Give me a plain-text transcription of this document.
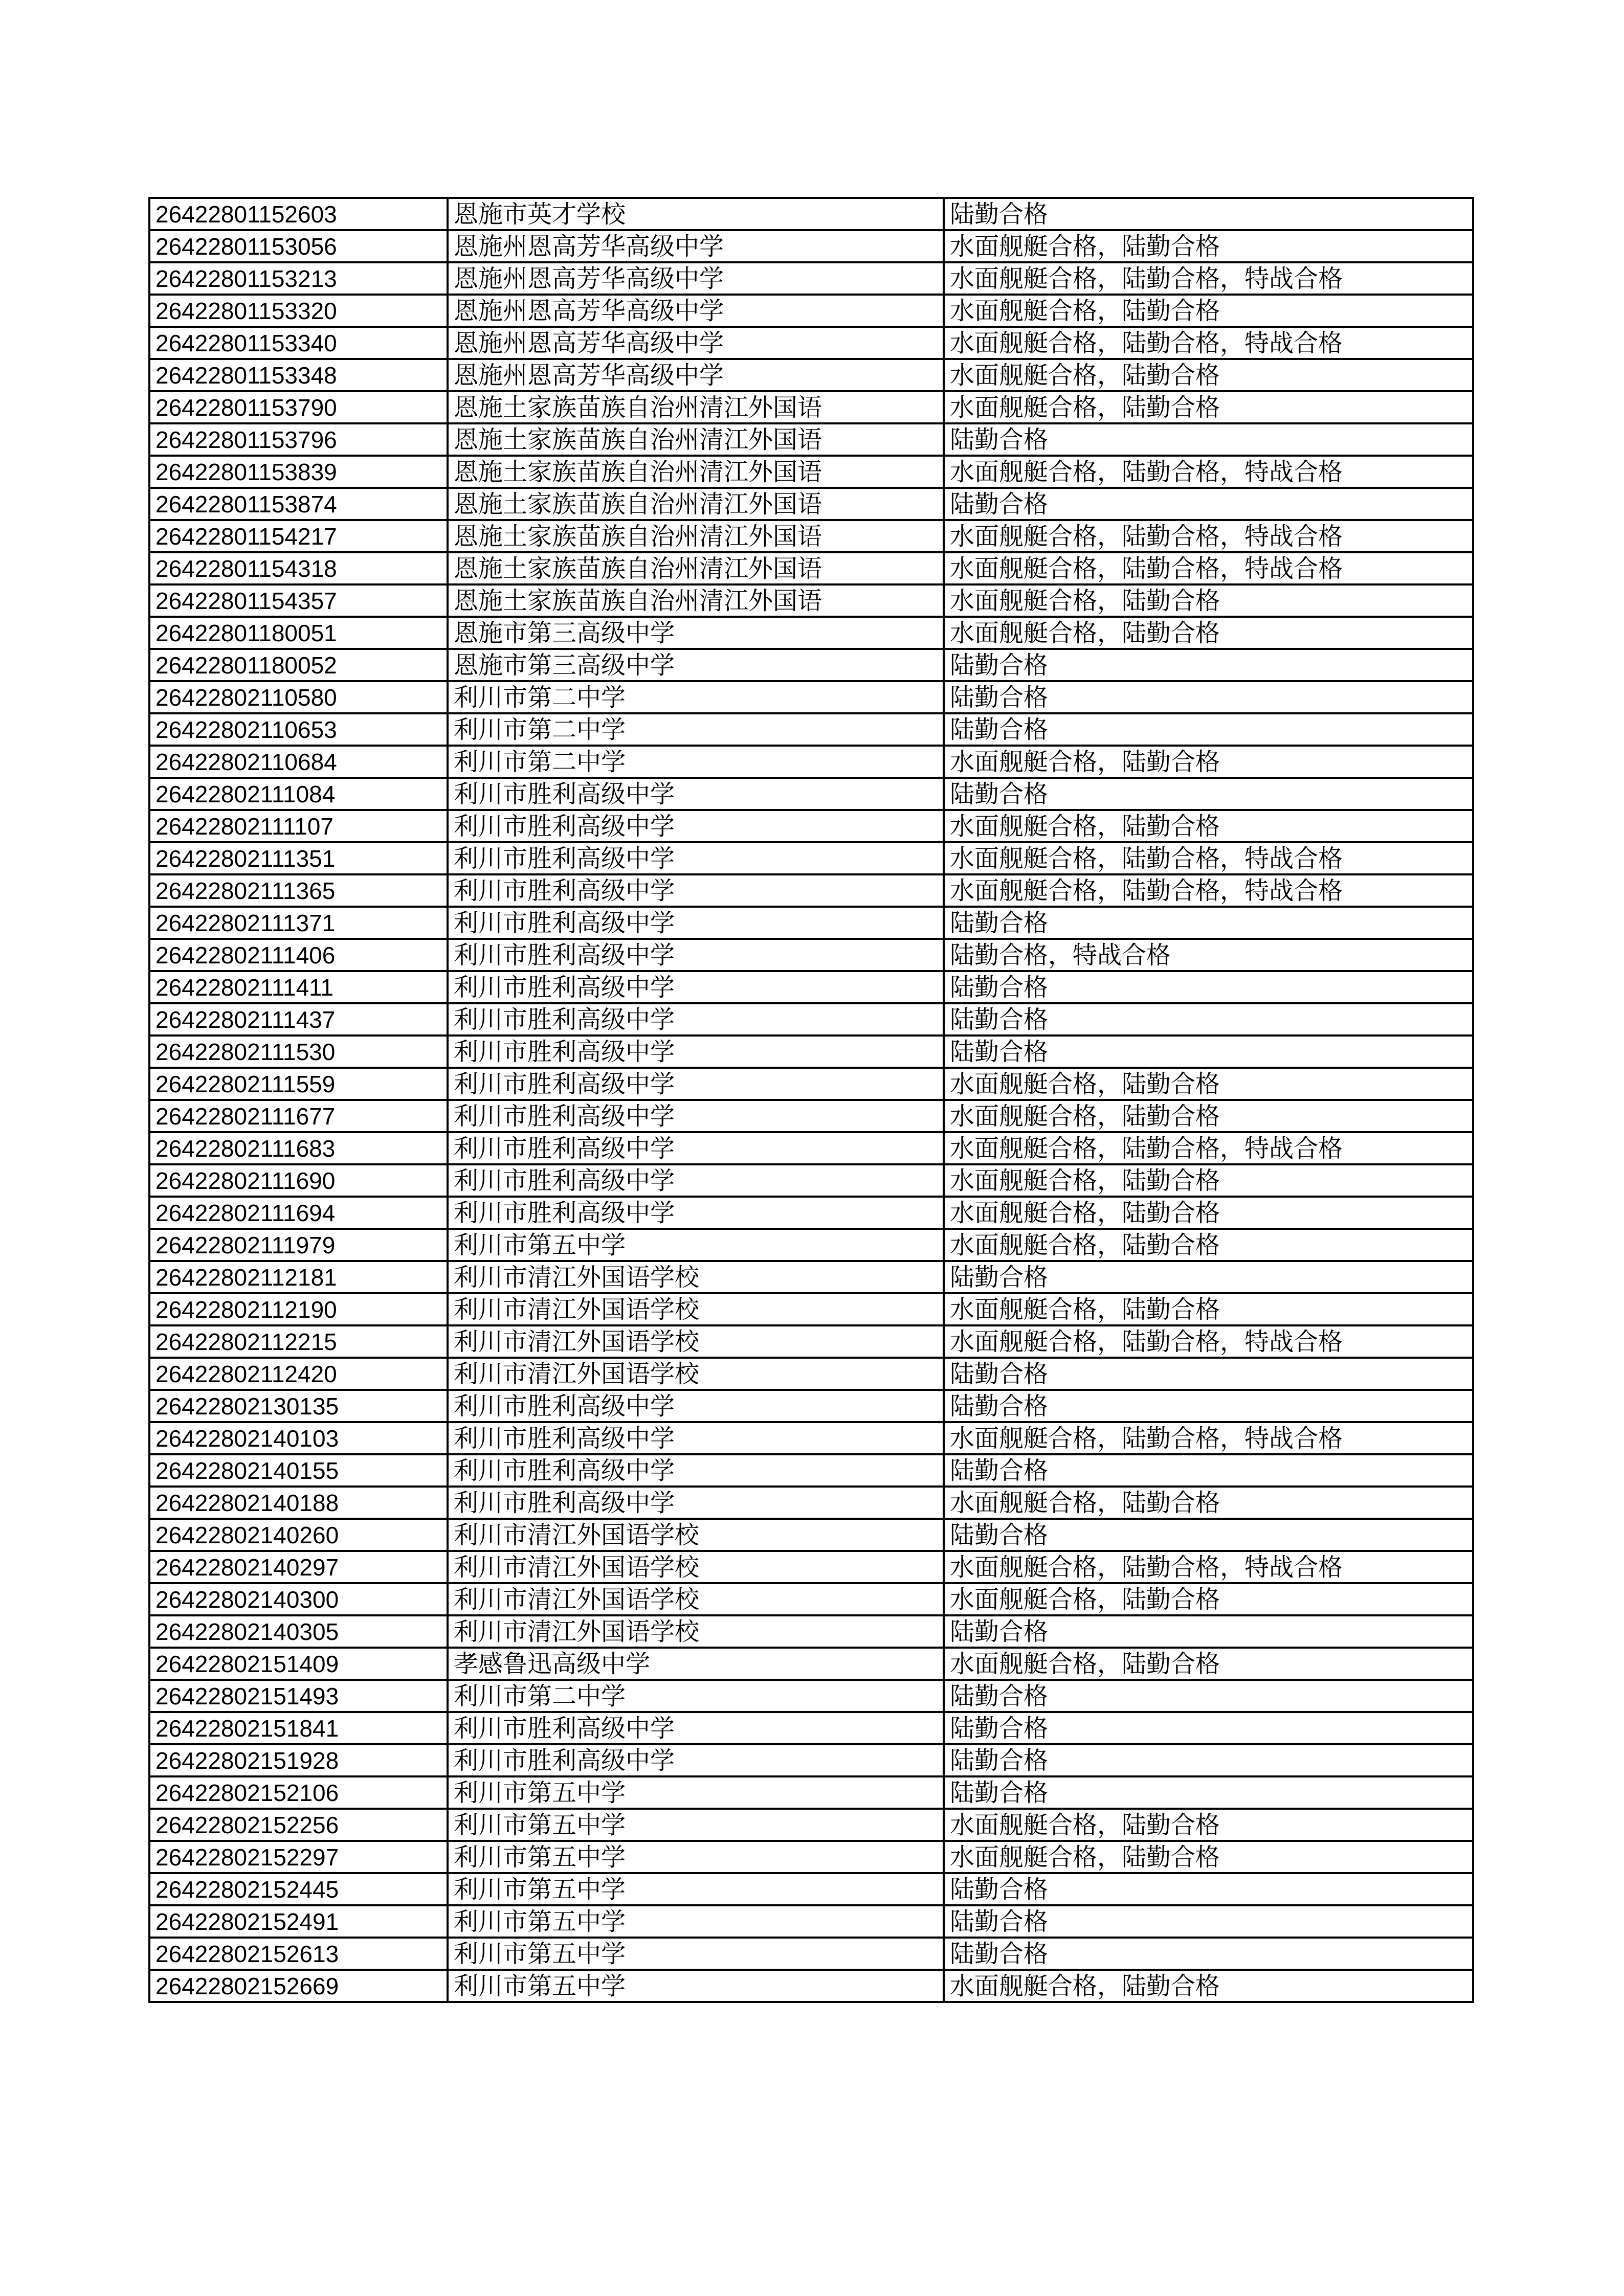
26422801152603	恩施市英才学校	陆勤合格
26422801153056	恩施州恩高芳华高级中学	水面舰艇合格，陆勤合格
26422801153213	恩施州恩高芳华高级中学	水面舰艇合格，陆勤合格，特战合格
26422801153320	恩施州恩高芳华高级中学	水面舰艇合格，陆勤合格
26422801153340	恩施州恩高芳华高级中学	水面舰艇合格，陆勤合格，特战合格
26422801153348	恩施州恩高芳华高级中学	水面舰艇合格，陆勤合格
26422801153790	恩施土家族苗族自治州清江外国语	水面舰艇合格，陆勤合格
26422801153796	恩施土家族苗族自治州清江外国语	陆勤合格
26422801153839	恩施土家族苗族自治州清江外国语	水面舰艇合格，陆勤合格，特战合格
26422801153874	恩施土家族苗族自治州清江外国语	陆勤合格
26422801154217	恩施土家族苗族自治州清江外国语	水面舰艇合格，陆勤合格，特战合格
26422801154318	恩施土家族苗族自治州清江外国语	水面舰艇合格，陆勤合格，特战合格
26422801154357	恩施土家族苗族自治州清江外国语	水面舰艇合格，陆勤合格
26422801180051	恩施市第三高级中学	水面舰艇合格，陆勤合格
26422801180052	恩施市第三高级中学	陆勤合格
26422802110580	利川市第二中学	陆勤合格
26422802110653	利川市第二中学	陆勤合格
26422802110684	利川市第二中学	水面舰艇合格，陆勤合格
26422802111084	利川市胜利高级中学	陆勤合格
26422802111107	利川市胜利高级中学	水面舰艇合格，陆勤合格
26422802111351	利川市胜利高级中学	水面舰艇合格，陆勤合格，特战合格
26422802111365	利川市胜利高级中学	水面舰艇合格，陆勤合格，特战合格
26422802111371	利川市胜利高级中学	陆勤合格
26422802111406	利川市胜利高级中学	陆勤合格，特战合格
26422802111411	利川市胜利高级中学	陆勤合格
26422802111437	利川市胜利高级中学	陆勤合格
26422802111530	利川市胜利高级中学	陆勤合格
26422802111559	利川市胜利高级中学	水面舰艇合格，陆勤合格
26422802111677	利川市胜利高级中学	水面舰艇合格，陆勤合格
26422802111683	利川市胜利高级中学	水面舰艇合格，陆勤合格，特战合格
26422802111690	利川市胜利高级中学	水面舰艇合格，陆勤合格
26422802111694	利川市胜利高级中学	水面舰艇合格，陆勤合格
26422802111979	利川市第五中学	水面舰艇合格，陆勤合格
26422802112181	利川市清江外国语学校	陆勤合格
26422802112190	利川市清江外国语学校	水面舰艇合格，陆勤合格
26422802112215	利川市清江外国语学校	水面舰艇合格，陆勤合格，特战合格
26422802112420	利川市清江外国语学校	陆勤合格
26422802130135	利川市胜利高级中学	陆勤合格
26422802140103	利川市胜利高级中学	水面舰艇合格，陆勤合格，特战合格
26422802140155	利川市胜利高级中学	陆勤合格
26422802140188	利川市胜利高级中学	水面舰艇合格，陆勤合格
26422802140260	利川市清江外国语学校	陆勤合格
26422802140297	利川市清江外国语学校	水面舰艇合格，陆勤合格，特战合格
26422802140300	利川市清江外国语学校	水面舰艇合格，陆勤合格
26422802140305	利川市清江外国语学校	陆勤合格
26422802151409	孝感鲁迅高级中学	水面舰艇合格，陆勤合格
26422802151493	利川市第二中学	陆勤合格
26422802151841	利川市胜利高级中学	陆勤合格
26422802151928	利川市胜利高级中学	陆勤合格
26422802152106	利川市第五中学	陆勤合格
26422802152256	利川市第五中学	水面舰艇合格，陆勤合格
26422802152297	利川市第五中学	水面舰艇合格，陆勤合格
26422802152445	利川市第五中学	陆勤合格
26422802152491	利川市第五中学	陆勤合格
26422802152613	利川市第五中学	陆勤合格
26422802152669	利川市第五中学	水面舰艇合格，陆勤合格
